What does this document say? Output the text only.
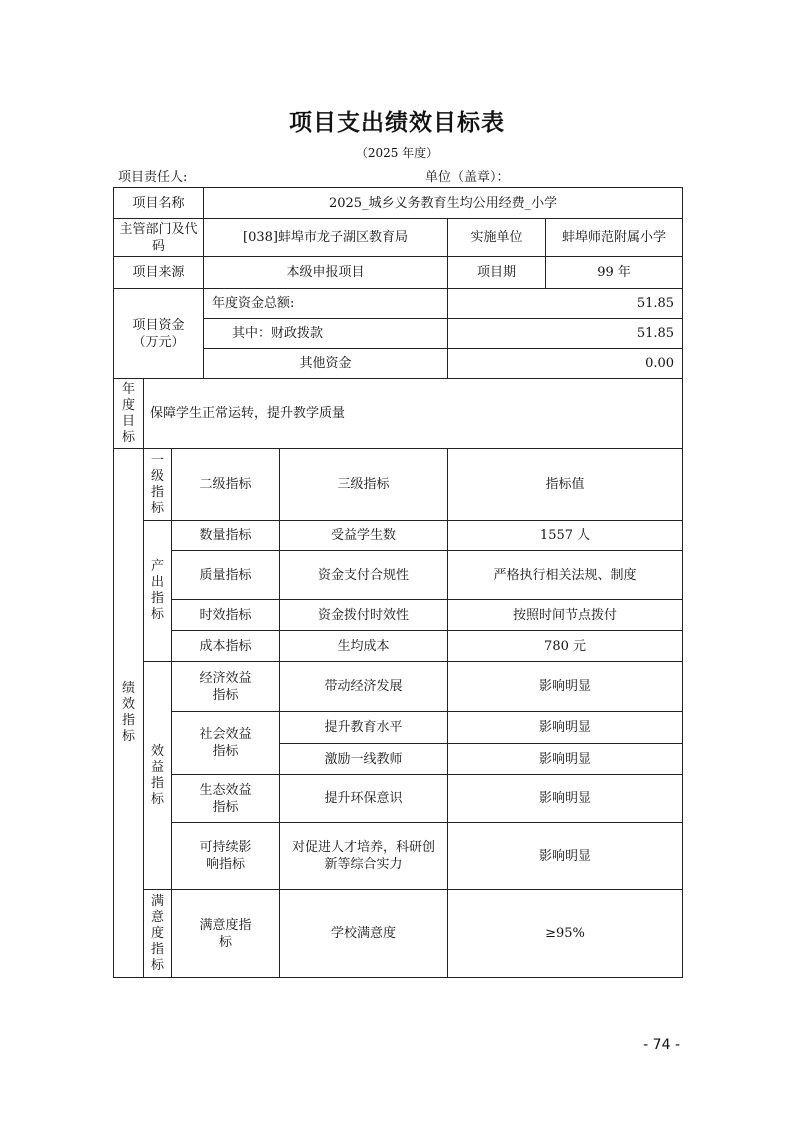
项目支出绩效目标表
（2025 年度）
项目责任人:	单位（盖章）：
项目名称			2025_城乡义务教育生均公用经费_小学		
主管部门及代码			[038]蚌埠市龙子湖区教育局		实施单位 蚌埠师范附属小学

项目来源			本级申报项目		项目期 99 年

项目资金（万元）			年度资金总额:		51.85
			其中：财政拨款		51.85
			其他资金		0.00
年度目标	保障学生正常运转，提升教学质量				
绩效指标	一级指标	二级指标		三级指标	指标值
	产出指标	数量指标		受益学生数	1557 人
		质量指标		资金支付合规性	严格执行相关法规、制度
		时效指标		资金拨付时效性	按照时间节点拨付
		成本指标		生均成本	780 元
	效益指标	经济效益指标		带动经济发展	影响明显
		社会效益指标		提升教育水平	影响明显
				激励一线教师	影响明显
		生态效益指标		提升环保意识	影响明显
		可持续影响指标		对促进人才培养，科研创新等综合实力	影响明显
	满意度指标	满意度指标		学校满意度	≥95%
- 74 -
